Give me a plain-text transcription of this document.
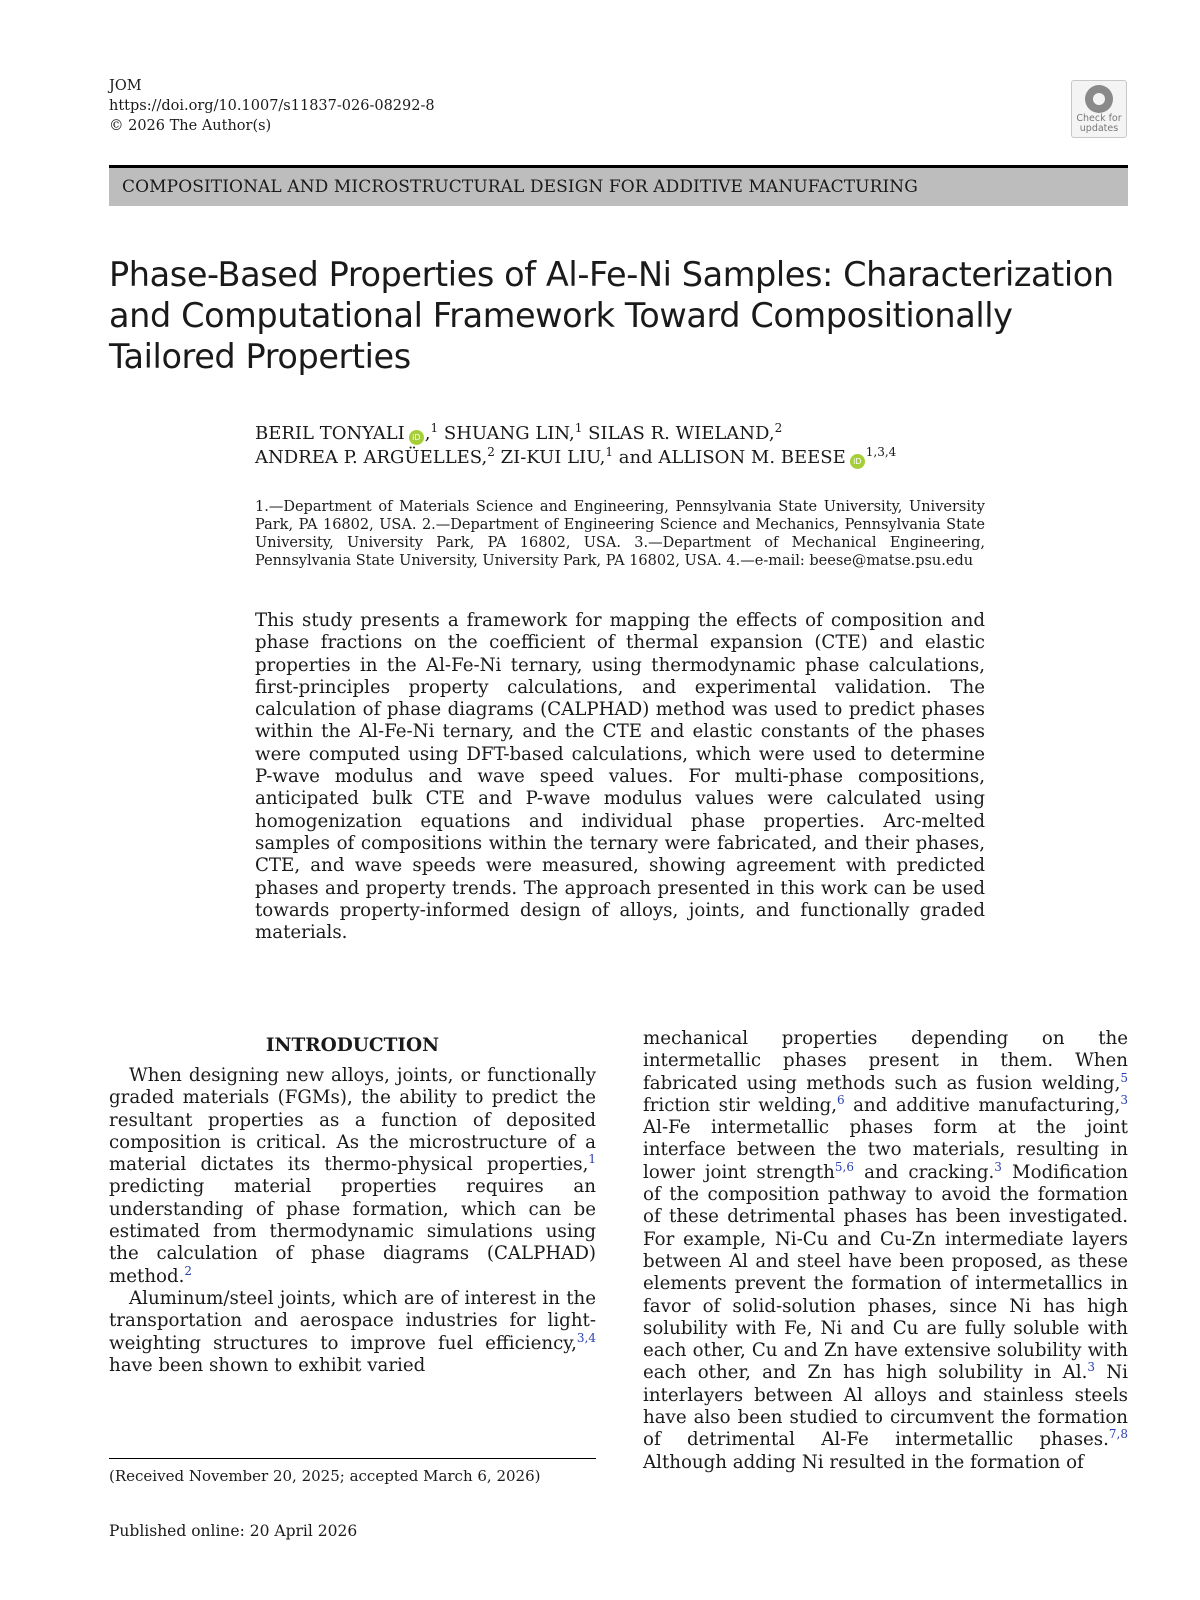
JOM
https://doi.org/10.1007/s11837-026-08292-8
© 2026 The Author(s)	Check for
updates
COMPOSITIONAL AND MICROSTRUCTURAL DESIGN FOR ADDITIVE MANUFACTURING
Phase-Based Properties of Al-Fe-Ni Samples: Characterization and Computational Framework Toward Compositionally Tailored Properties
BERIL TONYALI iD ,$^1$ SHUANG LIN,$^1$ SILAS R. WIELAND,$^2$
ANDREA P. ARGÜELLES,$^2$ ZI-KUI LIU,$^1$ and ALLISON M. BEESE iD$^{1,3,4}$
1.—Department of Materials Science and Engineering, Pennsylvania State University, University Park, PA 16802, USA. 2.—Department of Engineering Science and Mechanics, Pennsylvania State University, University Park, PA 16802, USA. 3.—Department of Mechanical Engineering, Pennsylvania State University, University Park, PA 16802, USA. 4.—e-mail: beese@matse.psu.edu
This study presents a framework for mapping the effects of composition and phase fractions on the coefficient of thermal expansion (CTE) and elastic properties in the Al-Fe-Ni ternary, using thermodynamic phase calculations, first-principles property calculations, and experimental validation. The calculation of phase diagrams (CALPHAD) method was used to predict phases within the Al-Fe-Ni ternary, and the CTE and elastic constants of the phases were computed using DFT-based calculations, which were used to determine P-wave modulus and wave speed values. For multi-phase compositions, anticipated bulk CTE and P-wave modulus values were calculated using homogenization equations and individual phase properties. Arc-melted samples of compositions within the ternary were fabricated, and their phases, CTE, and wave speeds were measured, showing agreement with predicted phases and property trends. The approach presented in this work can be used towards property-informed design of alloys, joints, and functionally graded materials.
INTRODUCTION

When designing new alloys, joints, or functionally graded materials (FGMs), the ability to predict the resultant properties as a function of deposited composition is critical. As the microstructure of a material dictates its thermo-physical properties,$^1$ predicting material properties requires an understanding of phase formation, which can be estimated from thermodynamic simulations using the calculation of phase diagrams (CALPHAD) method.$^2$

Aluminum/steel joints, which are of interest in the transportation and aerospace industries for light-weighting structures to improve fuel efficiency,$^{3,4}$ have been shown to exhibit varied

mechanical properties depending on the intermetallic phases present in them. When fabricated using methods such as fusion welding,$^5$ friction stir welding,$^6$ and additive manufacturing,$^3$ Al-Fe intermetallic phases form at the joint interface between the two materials, resulting in lower joint strength$^{5,6}$ and cracking.$^3$ Modification of the composition pathway to avoid the formation of these detrimental phases has been investigated. For example, Ni-Cu and Cu-Zn intermediate layers between Al and steel have been proposed, as these elements prevent the formation of intermetallics in favor of solid-solution phases, since Ni has high solubility with Fe, Ni and Cu are fully soluble with each other, Cu and Zn have extensive solubility with each other, and Zn has high solubility in Al.$^3$ Ni interlayers between Al alloys and stainless steels have also been studied to circumvent the formation of detrimental Al-Fe intermetallic phases.$^{7,8}$ Although adding Ni resulted in the formation of

(Received November 20, 2025; accepted March 6, 2026)
Published online: 20 April 2026
